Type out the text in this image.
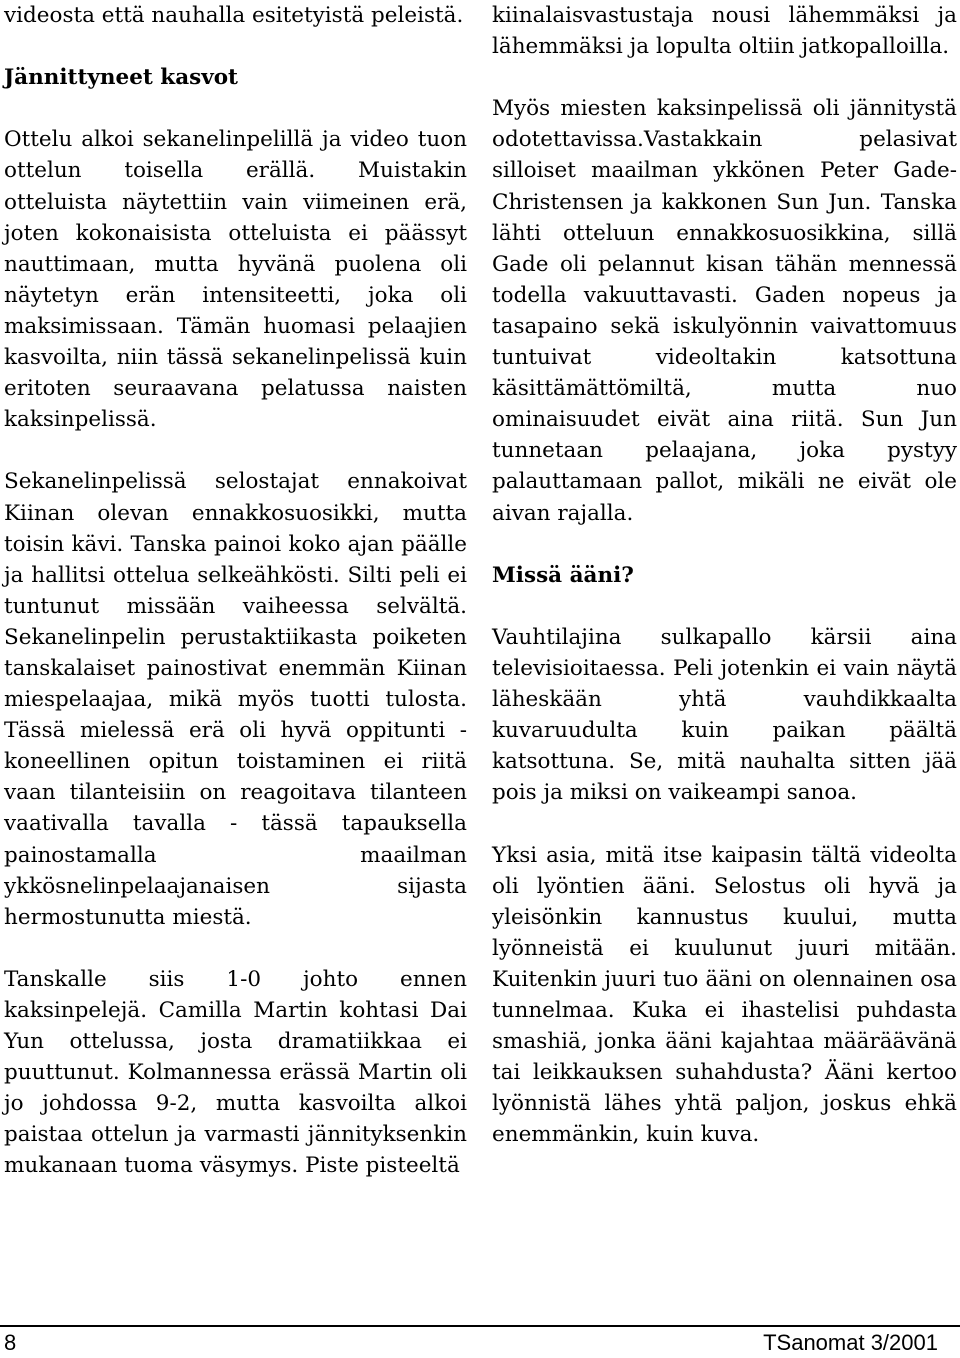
videosta että nauhalla esitetyistä peleistä.

Jännittyneet kasvot

Ottelu alkoi sekanelinpelillä ja video tuon ottelun toisella erällä. Muistakin otteluista näytettiin vain viimeinen erä, joten kokonaisista otteluista ei päässyt nauttimaan, mutta hyvänä puolena oli näytetyn erän intensiteetti, joka oli maksimissaan. Tämän huomasi pelaajien kasvoilta, niin tässä sekanelinpelissä kuin eritoten seuraavana pelatussa naisten kaksinpelissä.

Sekanelinpelissä selostajat ennakoivat Kiinan olevan ennakkosuosikki, mutta toisin kävi. Tanska painoi koko ajan päälle ja hallitsi ottelua selkeähkösti. Silti peli ei tuntunut missään vaiheessa selvältä. Sekanelinpelin perustaktiikasta poiketen tanskalaiset painostivat enemmän Kiinan miespelaajaa, mikä myös tuotti tulosta. Tässä mielessä erä oli hyvä oppitunti - koneellinen opitun toistaminen ei riitä vaan tilanteisiin on reagoitava tilanteen vaativalla tavalla - tässä tapauksella painostamalla maailman ykkösnelinpelaajanaisen sijasta hermostunutta miestä.

Tanskalle siis 1-0 johto ennen kaksinpelejä. Camilla Martin kohtasi Dai Yun ottelussa, josta dramatiikkaa ei puuttunut. Kolmannessa erässä Martin oli jo johdossa 9-2, mutta kasvoilta alkoi paistaa ottelun ja varmasti jännityksenkin mukanaan tuoma väsymys. Piste pisteeltä

kiinalaisvastustaja nousi lähemmäksi ja lähemmäksi ja lopulta oltiin jatkopalloilla.

Myös miesten kaksinpelissä oli jännitystä odotettavissa.Vastakkain pelasivat silloiset maailman ykkönen Peter Gade-Christensen ja kakkonen Sun Jun. Tanska lähti otteluun ennakkosuosikkina, sillä Gade oli pelannut kisan tähän mennessä todella vakuuttavasti. Gaden nopeus ja tasapaino sekä iskulyönnin vaivattomuus tuntuivat videoltakin katsottuna käsittämättömiltä, mutta nuo ominaisuudet eivät aina riitä. Sun Jun tunnetaan pelaajana, joka pystyy palauttamaan pallot, mikäli ne eivät ole aivan rajalla.

Missä ääni?

Vauhtilajina sulkapallo kärsii aina televisioitaessa. Peli jotenkin ei vain näytä läheskään yhtä vauhdikkaalta kuvaruudulta kuin paikan päältä katsottuna. Se, mitä nauhalta sitten jää pois ja miksi on vaikeampi sanoa.

Yksi asia, mitä itse kaipasin tältä videolta oli lyöntien ääni. Selostus oli hyvä ja yleisönkin kannustus kuului, mutta lyönneistä ei kuulunut juuri mitään. Kuitenkin juuri tuo ääni on olennainen osa tunnelmaa. Kuka ei ihastelisi puhdasta smashiä, jonka ääni kajahtaa määräävänä tai leikkauksen suhahdusta? Ääni kertoo lyönnistä lähes yhtä paljon, joskus ehkä enemmänkin, kuin kuva.

8	TSanomat 3/2001
